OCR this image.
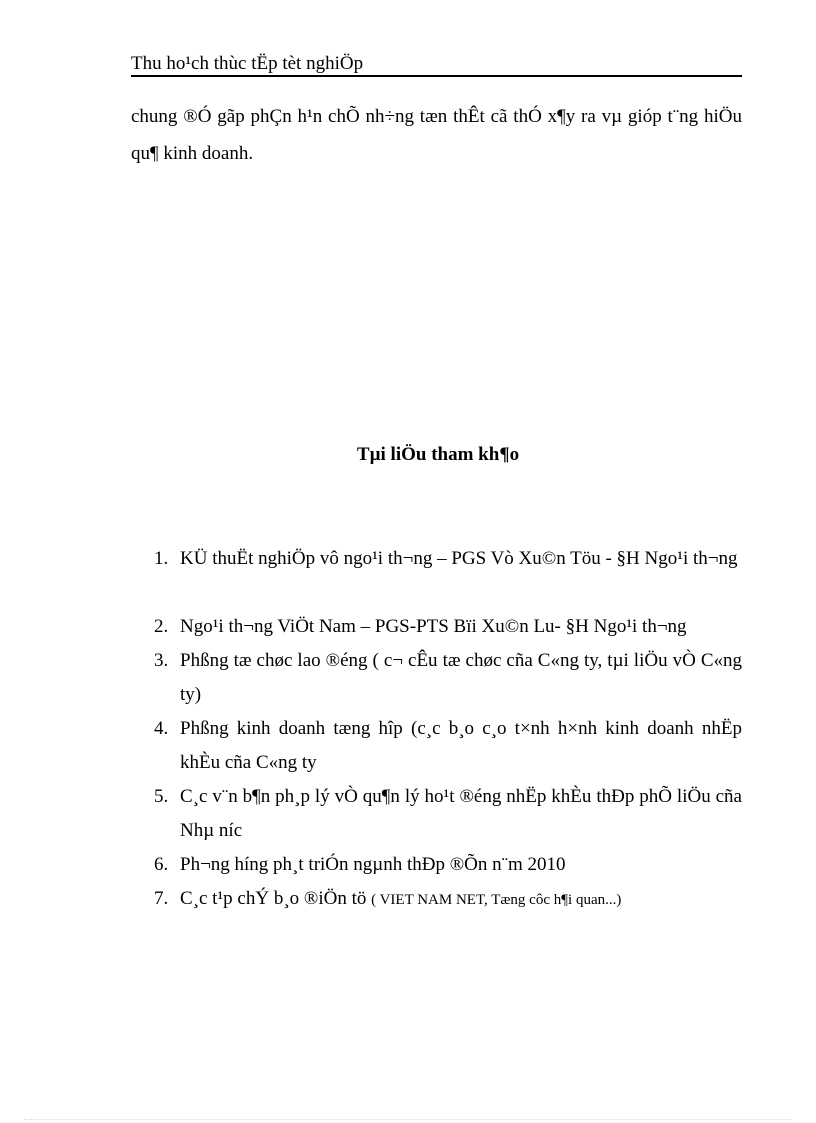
Thu ho¹ch thùc tËp tèt nghiÖp
chung ®Ó gãp phÇn h¹n chÕ nh÷ng tæn thÊt cã thÓ x¶y ra vµ gióp t¨ng hiÖu qu¶ kinh doanh.
Tµi liÖu tham kh¶o
1. KÜ thuËt nghiÖp vô ngo¹i th¬ng – PGS Vò Xu©n Töu - §H Ngo¹i th¬ng
2. Ngo¹i th¬ng ViÖt Nam – PGS-PTS Bïi Xu©n Lu- §H Ngo¹i th¬ng
3. Phßng tæ chøc lao ®éng ( c¬ cÊu tæ chøc cña C«ng ty, tµi liÖu vÒ C«ng ty)
4. Phßng kinh doanh tæng hîp (c¸c b¸o c¸o t×nh h×nh kinh doanh nhËp khÈu cña C«ng ty
5. C¸c v¨n b¶n ph¸p lý vÒ qu¶n lý ho¹t ®éng nhËp khÈu thÐp phÕ liÖu cña Nhµ níc
6. Ph¬ng híng ph¸t triÓn ngµnh thÐp ®Õn n¨m 2010
7. C¸c t¹p chÝ b¸o ®iÖn tö ( VIET NAM NET, Tæng côc h¶i quan...)
